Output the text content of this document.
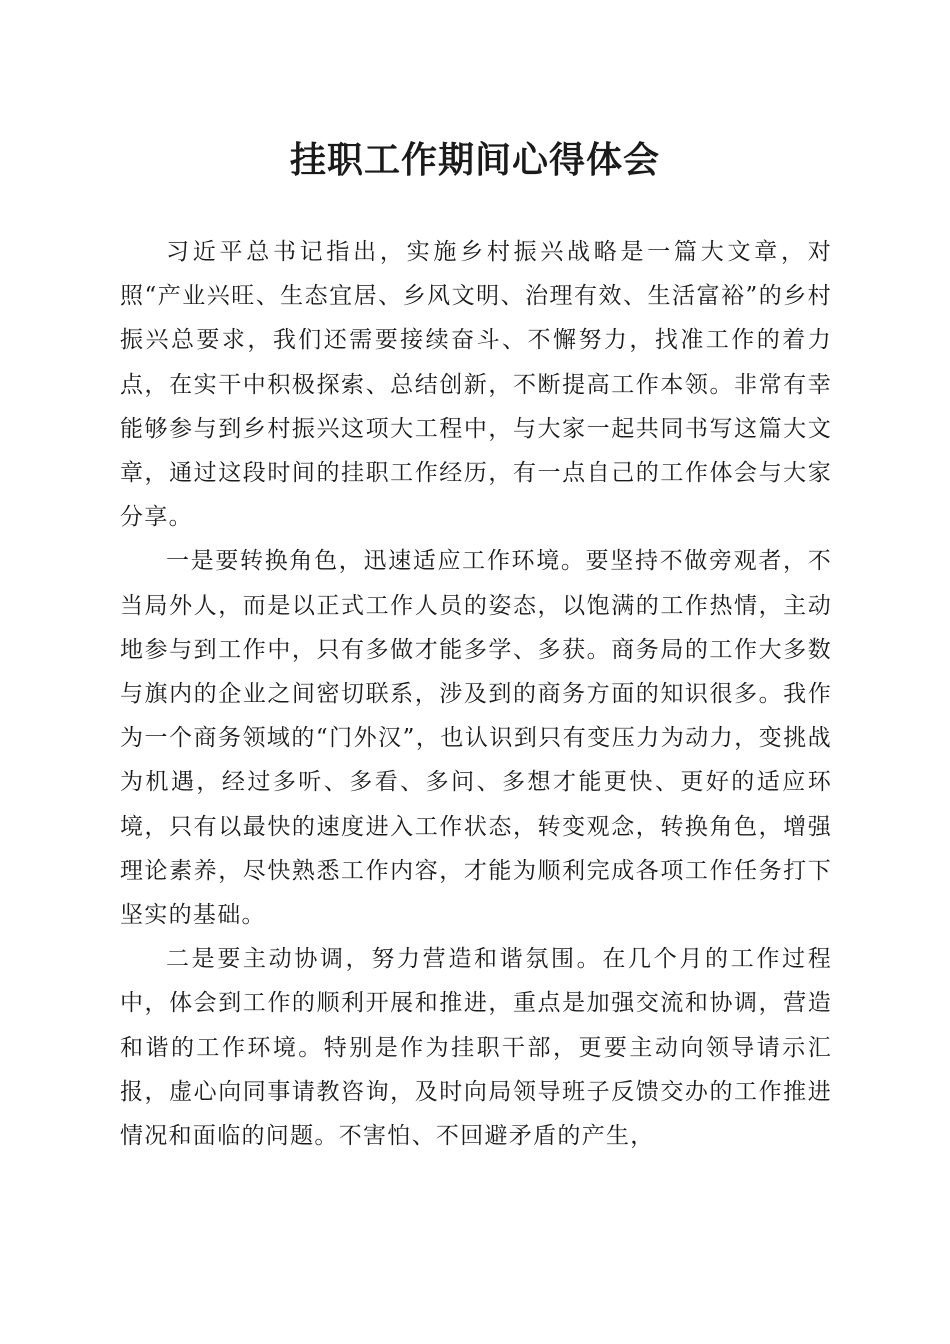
挂职工作期间心得体会

习近平总书记指出，实施乡村振兴战略是一篇大文章，对照“产业兴旺、生态宜居、乡风文明、治理有效、生活富裕”的乡村振兴总要求，我们还需要接续奋斗、不懈努力，找准工作的着力点，在实干中积极探索、总结创新，不断提高工作本领。非常有幸能够参与到乡村振兴这项大工程中，与大家一起共同书写这篇大文章，通过这段时间的挂职工作经历，有一点自己的工作体会与大家分享。

一是要转换角色，迅速适应工作环境。要坚持不做旁观者，不当局外人，而是以正式工作人员的姿态，以饱满的工作热情，主动地参与到工作中，只有多做才能多学、多获。商务局的工作大多数与旗内的企业之间密切联系，涉及到的商务方面的知识很多。我作为一个商务领域的“门外汉”，也认识到只有变压力为动力，变挑战为机遇，经过多听、多看、多问、多想才能更快、更好的适应环境，只有以最快的速度进入工作状态，转变观念，转换角色，增强理论素养，尽快熟悉工作内容，才能为顺利完成各项工作任务打下坚实的基础。

二是要主动协调，努力营造和谐氛围。在几个月的工作过程中，体会到工作的顺利开展和推进，重点是加强交流和协调，营造和谐的工作环境。特别是作为挂职干部，更要主动向领导请示汇报，虚心向同事请教咨询，及时向局领导班子反馈交办的工作推进情况和面临的问题。不害怕、不回避矛盾的产生，
